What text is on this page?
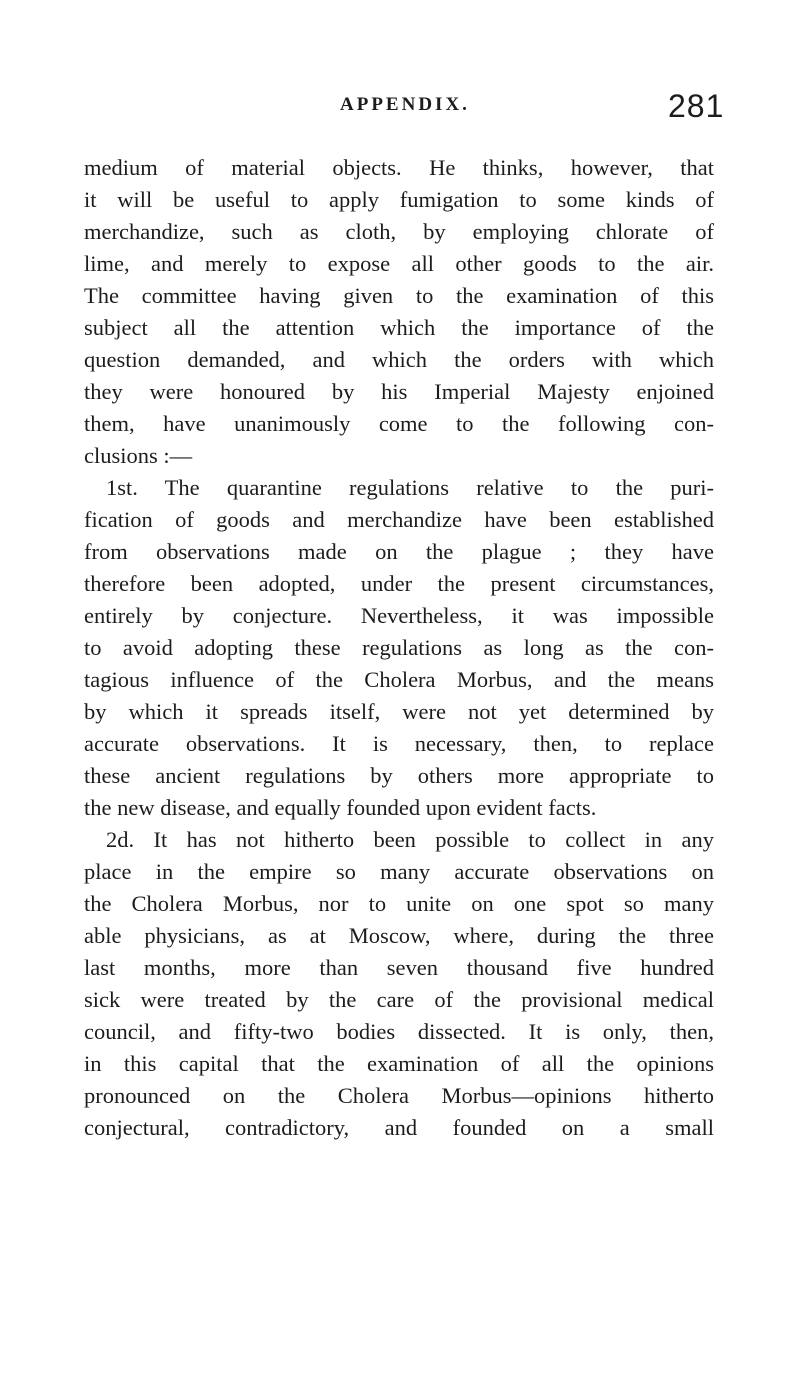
APPENDIX.	281
medium of material objects. He thinks, however, that
it will be useful to apply fumigation to some kinds of
merchandize, such as cloth, by employing chlorate of
lime, and merely to expose all other goods to the air.
The committee having given to the examination of this
subject all the attention which the importance of the
question demanded, and which the orders with which
they were honoured by his Imperial Majesty enjoined
them, have unanimously come to the following con-
clusions :—
1st. The quarantine regulations relative to the puri-
fication of goods and merchandize have been established
from observations made on the plague ; they have
therefore been adopted, under the present circumstances,
entirely by conjecture. Nevertheless, it was impossible
to avoid adopting these regulations as long as the con-
tagious influence of the Cholera Morbus, and the means
by which it spreads itself, were not yet determined by
accurate observations. It is necessary, then, to replace
these ancient regulations by others more appropriate to
the new disease, and equally founded upon evident facts.
2d. It has not hitherto been possible to collect in any
place in the empire so many accurate observations on
the Cholera Morbus, nor to unite on one spot so many
able physicians, as at Moscow, where, during the three
last months, more than seven thousand five hundred
sick were treated by the care of the provisional medical
council, and fifty-two bodies dissected. It is only, then,
in this capital that the examination of all the opinions
pronounced on the Cholera Morbus—opinions hitherto
conjectural, contradictory, and founded on a small
